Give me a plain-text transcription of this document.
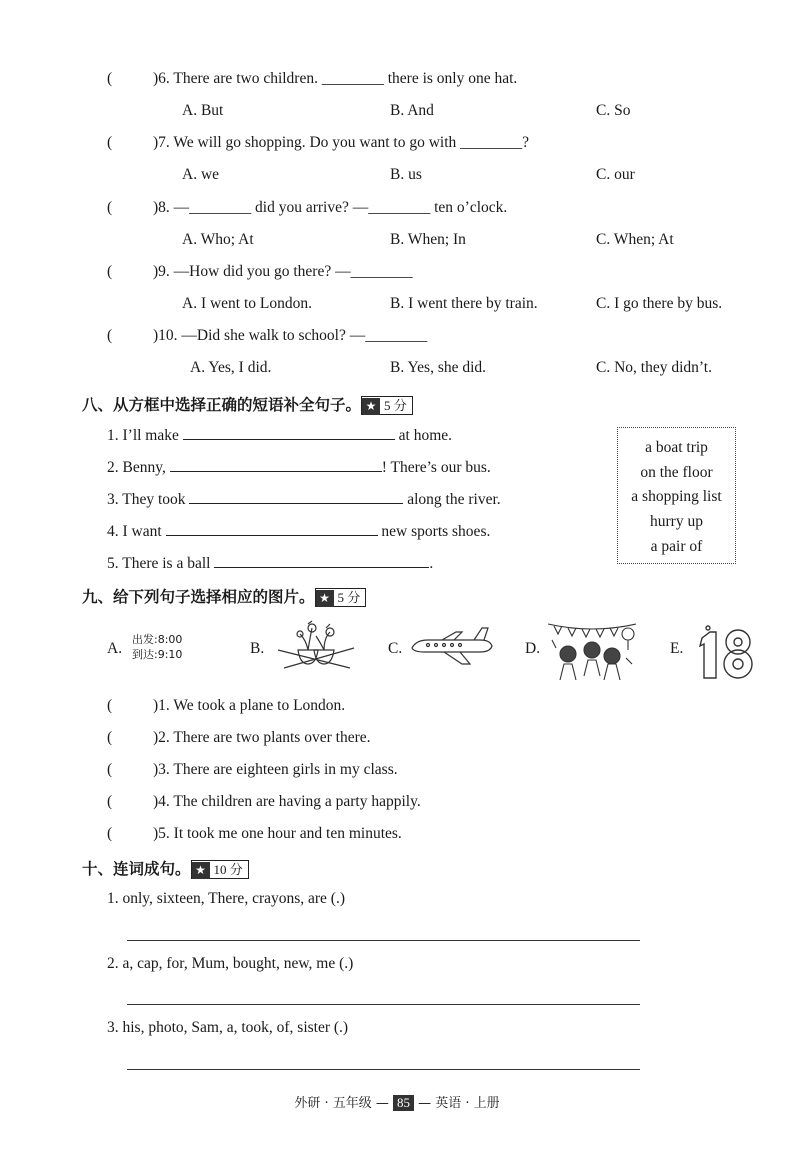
(	)6. There are two children. ________ there is only one hat.
A. But	B. And	C. So
(	)7. We will go shopping. Do you want to go with ________?
A. we	B. us	C. our
(	)8. —________ did you arrive? —________ ten o’clock.
A. Who; At	B. When; In	C. When; At
(	)9. —How did you go there? —________
A. I went to London.	B. I went there by train.	C. I go there by bus.
(	)10. —Did she walk to school? —________
A. Yes, I did.	B. Yes, she did.	C. No, they didn’t.
八、从方框中选择正确的短语补全句子。 ★ 5 分
1. I’ll make	at home.
2. Benny,	! There’s our bus.
3. They took	along the river.
4. I want	new sports shoes.
5. There is a ball	.
a boat trip
on the floor
a shopping list
hurry up
a pair of
九、给下列句子选择相应的图片。 ★ 5 分
A.
出发:8:00
到达:9:10	B.	C.	D.	E.
(	)1. We took a plane to London.
(	)2. There are two plants over there.
(	)3. There are eighteen girls in my class.
(	)4. The children are having a party happily.
(	)5. It took me one hour and ten minutes.
十、连词成句。 ★ 10 分
1. only, sixteen, There, crayons, are (.)
2. a, cap, for, Mum, bought, new, me (.)
3. his, photo, Sam, a, took, of, sister (.)
外研 · 五年级 — 85 — 英语 · 上册
